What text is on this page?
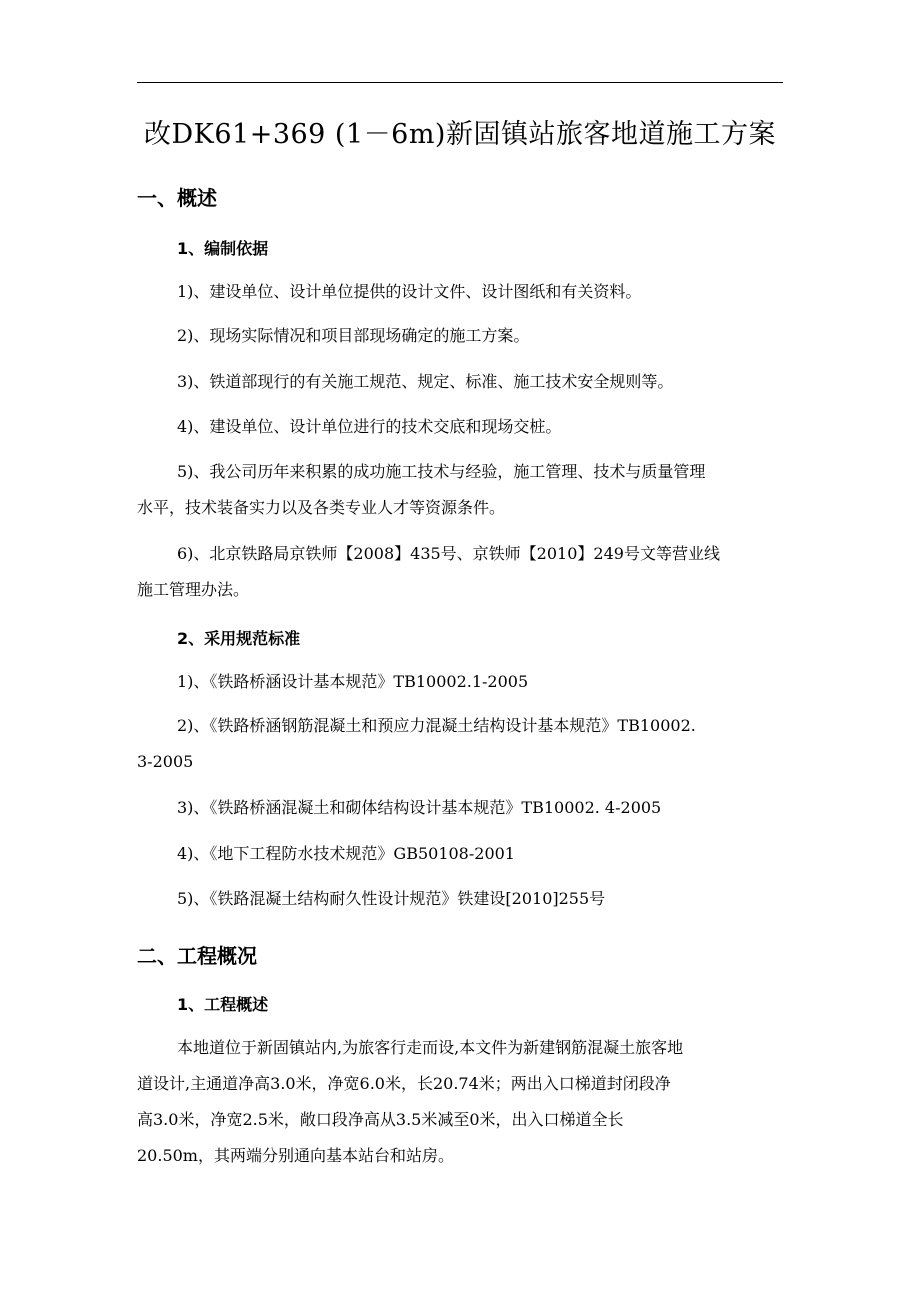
改DK61+369 (1－6m)新固镇站旅客地道施工方案
一、概述
1、编制依据
1)、建设单位、设计单位提供的设计文件、设计图纸和有关资料。
2)、现场实际情况和项目部现场确定的施工方案。
3)、铁道部现行的有关施工规范、规定、标准、施工技术安全规则等。
4)、建设单位、设计单位进行的技术交底和现场交桩。
5)、我公司历年来积累的成功施工技术与经验，施工管理、技术与质量管理
水平，技术装备实力以及各类专业人才等资源条件。
6)、北京铁路局京铁师【2008】435号、京铁师【2010】249号文等营业线
施工管理办法。
2、采用规范标准
1)、《铁路桥涵设计基本规范》TB10002.1-2005
2)、《铁路桥涵钢筋混凝土和预应力混凝土结构设计基本规范》TB10002.
3-2005
3)、《铁路桥涵混凝土和砌体结构设计基本规范》TB10002. 4-2005
4)、《地下工程防水技术规范》GB50108-2001
5)、《铁路混凝土结构耐久性设计规范》铁建设[2010]255号
二、工程概况
1、工程概述
本地道位于新固镇站内,为旅客行走而设,本文件为新建钢筋混凝土旅客地
道设计,主通道净高3.0米，净宽6.0米，长20.74米；两出入口梯道封闭段净
高3.0米，净宽2.5米，敞口段净高从3.5米减至0米，出入口梯道全长
20.50m，其两端分别通向基本站台和站房。
